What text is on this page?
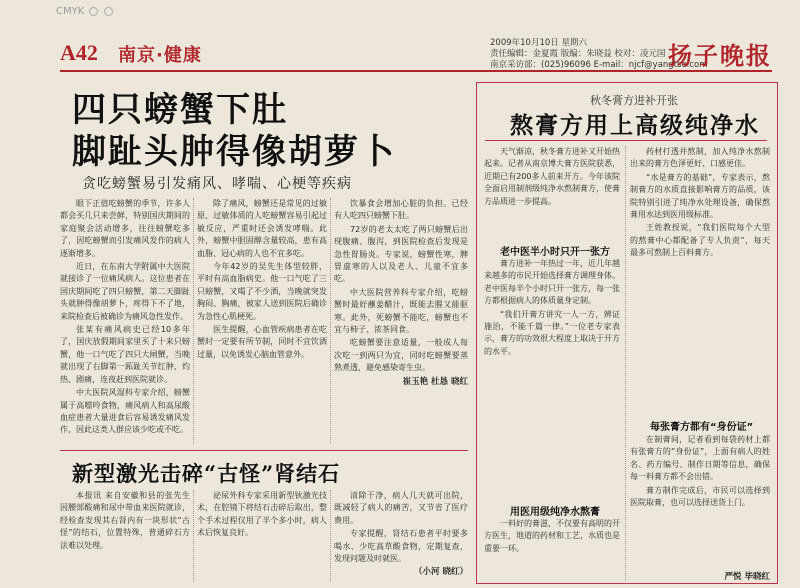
CMYK
A42 南京·健康
2009年10月10日 星期六
责任编辑：金夏霞 版编：朱晓益 校对：凌元国
南京采访部：(025)96096 E-mail：njcf@yangtse.com
扬子晚报
四只螃蟹下肚
脚趾头肿得像胡萝卜
贪吃螃蟹易引发痛风、哮喘、心梗等疾病

眼下正值吃螃蟹的季节，许多人都会买几只来尝鲜，特别国庆期间的家庭聚会活动增多，往往螃蟹吃多了，因吃螃蟹而引发痛风发作的病人逐渐增多。

近日，在东南大学附属中大医院就接诊了一位痛风病人。这位患者在国庆期间吃了四只螃蟹，第二天脚趾头就肿得像胡萝卜，疼得下不了地，来院检查后被确诊为痛风急性发作。

张某有痛风病史已经10多年了，国庆放假期间家里买了十来只螃蟹，他一口气吃了四只大闸蟹，当晚就出现了右脚第一跖趾关节红肿、灼热、剧痛，连夜赶到医院就诊。

中大医院风湿科专家介绍，螃蟹属于高嘌呤食物，痛风病人和高尿酸血症患者大量进食后容易诱发痛风发作，因此这类人群应该少吃或不吃。

除了痛风，螃蟹还是常见的过敏原，过敏体质的人吃螃蟹容易引起过敏反应，严重时还会诱发哮喘。此外，螃蟹中胆固醇含量较高，患有高血脂、冠心病的人也不宜多吃。

今年42岁的吴先生体型较胖，平时有高血脂病史。他一口气吃了三只螃蟹，又喝了不少酒，当晚就突发胸闷、胸痛，被家人送到医院后确诊为急性心肌梗死。

医生提醒，心血管疾病患者在吃蟹时一定要有所节制，同时不宜饮酒过量，以免诱发心脑血管意外。

饮暴食会增加心脏的负担。已经有人吃四只螃蟹下肚。

72岁的老太太吃了两只螃蟹后出现腹痛、腹泻，到医院检查后发现是急性胃肠炎。专家说，螃蟹性寒，脾胃虚寒的人以及老人、儿童不宜多吃。

中大医院营养科专家介绍，吃螃蟹时最好蘸姜醋汁，既能去腥又能驱寒。此外，死螃蟹不能吃，螃蟹也不宜与柿子、浓茶同食。

吃螃蟹要注意适量，一般成人每次吃一到两只为宜，同时吃螃蟹要蒸熟煮透，避免感染寄生虫。

崔玉艳 杜恳 晓红
新型激光击碎“古怪”肾结石

本报讯 来自安徽和县的张先生因腰部酸痛和尿中带血来医院就诊，经检查发现其右肾内有一块形状“古怪”的结石，位置特殊，普通碎石方法难以处理。

泌尿外科专家采用新型钬激光技术，在腔镜下将结石击碎后取出，整个手术过程仅用了半个多小时，病人术后恢复良好。

清除干净，病人几天就可出院，既减轻了病人的痛苦，又节省了医疗费用。

专家提醒，肾结石患者平时要多喝水、少吃高草酸食物，定期复查，发现问题及时就医。

（小河 晓红）
秋冬膏方进补开张
熬膏方用上高级纯净水

天气渐凉，秋冬膏方进补又开始热起来。记者从南京博大膏方医院获悉，近期已有200多人前来开方。今年该院全面启用制剂级纯净水熬制膏方，使膏方品质进一步提高。

老中医半小时只开一张方

膏方进补一年热过一年，近几年越来越多的市民开始选择膏方调理身体。老中医每半个小时只开一张方，每一张方都根据病人的体质量身定制。

“我们开膏方讲究一人一方，辨证施治，不能千篇一律。”一位老专家表示，膏方的功效很大程度上取决于开方的水平。

用医用级纯净水熬膏

一料好的膏滋，不仅要有高明的开方医生，地道的药材和工艺，水质也是重要一环。

药材打透并熬制，加入纯净水熬制出来的膏方色泽更好、口感更佳。

“水是膏方的基础”，专家表示，熬制膏方的水质直接影响膏方的品质，该院特别引进了纯净水处理设备，确保熬膏用水达到医用级标准。

王姓教授说，“我们医院每个大型的熬膏中心都配备了专人负责”，每天最多可熬制上百料膏方。

每张膏方都有“身份证”

在制膏间，记者看到每袋药材上都有张膏方的“身份证”，上面有病人的姓名、药方编号、制作日期等信息，确保每一料膏方都不会出错。

膏方制作完成后，市民可以选择到医院取膏，也可以选择送货上门。

严悦 毕晓红
